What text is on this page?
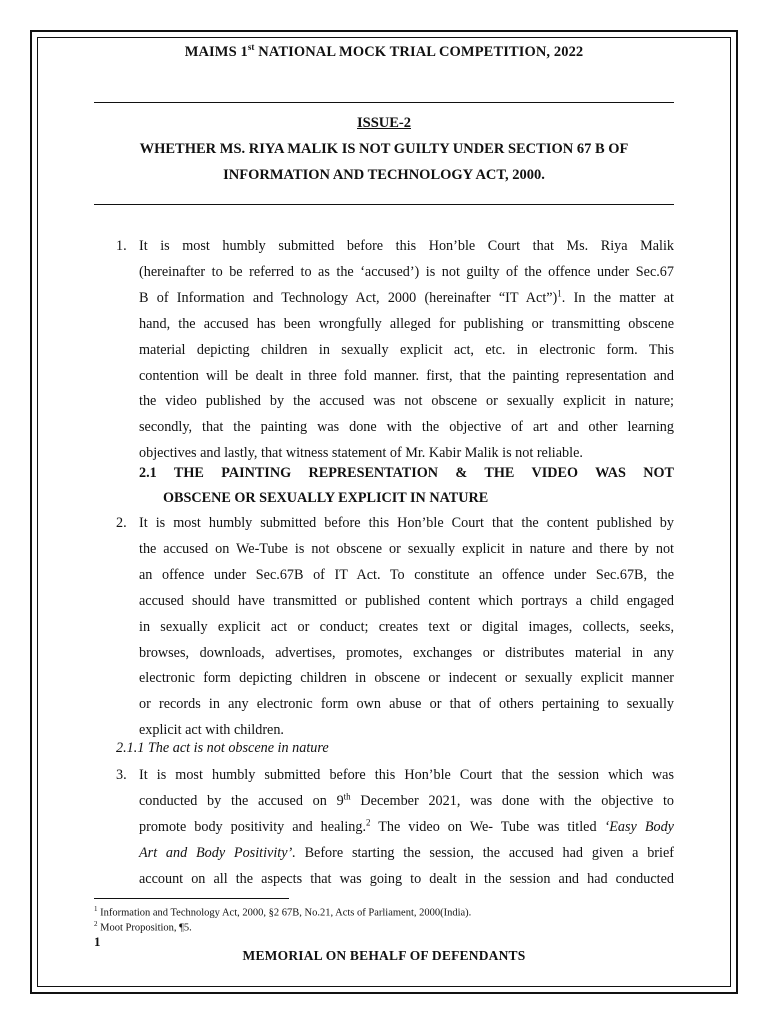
MAIMS 1st NATIONAL MOCK TRIAL COMPETITION, 2022
ISSUE-2
WHETHER MS. RIYA MALIK IS NOT GUILTY UNDER SECTION 67 B OF
INFORMATION AND TECHNOLOGY ACT, 2000.
1. It is most humbly submitted before this Hon’ble Court that Ms. Riya Malik
(hereinafter to be referred to as the ‘accused’) is not guilty of the offence under Sec.67
B of Information and Technology Act, 2000 (hereinafter “IT Act”)$^1$. In the matter at
hand, the accused has been wrongfully alleged for publishing or transmitting obscene
material depicting children in sexually explicit act, etc. in electronic form. This
contention will be dealt in three fold manner. first, that the painting representation and
the video published by the accused was not obscene or sexually explicit in nature;
secondly, that the painting was done with the objective of art and other learning
objectives and lastly, that witness statement of Mr. Kabir Malik is not reliable.
2.1 THE PAINTING REPRESENTATION & THE VIDEO WAS NOT
OBSCENE OR SEXUALLY EXPLICIT IN NATURE
2. It is most humbly submitted before this Hon’ble Court that the content published by
the accused on We-Tube is not obscene or sexually explicit in nature and there by not
an offence under Sec.67B of IT Act. To constitute an offence under Sec.67B, the
accused should have transmitted or published content which portrays a child engaged
in sexually explicit act or conduct; creates text or digital images, collects, seeks,
browses, downloads, advertises, promotes, exchanges or distributes material in any
electronic form depicting children in obscene or indecent or sexually explicit manner
or records in any electronic form own abuse or that of others pertaining to sexually
explicit act with children.
2.1.1 The act is not obscene in nature
3. It is most humbly submitted before this Hon’ble Court that the session which was
conducted by the accused on 9th December 2021, was done with the objective to
promote body positivity and healing.$^2$ The video on We- Tube was titled ‘Easy Body
Art and Body Positivity’. Before starting the session, the accused had given a brief
account on all the aspects that was going to dealt in the session and had conducted
$^1$ Information and Technology Act, 2000, §2 67B, No.21, Acts of Parliament, 2000(India).
$^2$ Moot Proposition, ¶5.
1
MEMORIAL ON BEHALF OF DEFENDANTS
